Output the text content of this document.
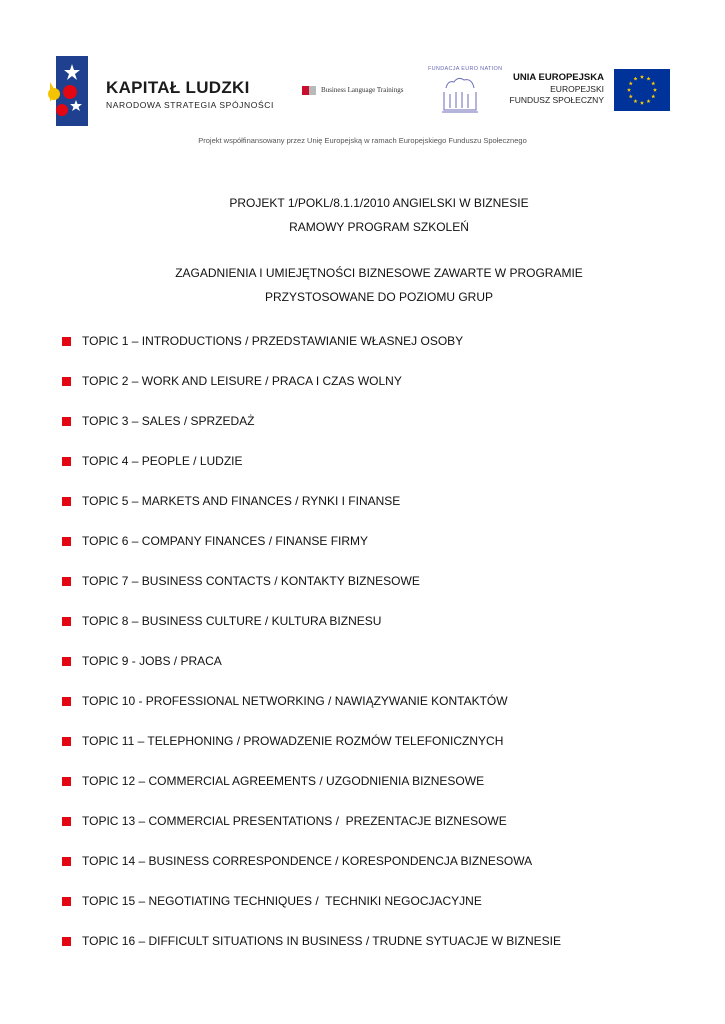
KAPITAŁ LUDZKI
NARODOWA STRATEGIA SPÓJNOŚCI
Business Language Trainings
FUNDACJA EURO NATION
UNIA EUROPEJSKA
EUROPEJSKI
FUNDUSZ SPOŁECZNY
Projekt współfinansowany przez Unię Europejską w ramach Europejskiego Funduszu Społecznego
PROJEKT 1/POKL/8.1.1/2010 ANGIELSKI W BIZNESIE
RAMOWY PROGRAM SZKOLEŃ
ZAGADNIENIA I UMIEJĘTNOŚCI BIZNESOWE ZAWARTE W PROGRAMIE
PRZYSTOSOWANE DO POZIOMU GRUP
TOPIC 1 – INTRODUCTIONS / PRZEDSTAWIANIE WŁASNEJ OSOBY
TOPIC 2 – WORK AND LEISURE / PRACA I CZAS WOLNY
TOPIC 3 – SALES / SPRZEDAŻ
TOPIC 4 – PEOPLE / LUDZIE
TOPIC 5 – MARKETS AND FINANCES / RYNKI I FINANSE
TOPIC 6 – COMPANY FINANCES / FINANSE FIRMY
TOPIC 7 – BUSINESS CONTACTS / KONTAKTY BIZNESOWE
TOPIC 8 – BUSINESS CULTURE / KULTURA BIZNESU
TOPIC 9 - JOBS / PRACA
TOPIC 10 - PROFESSIONAL NETWORKING / NAWIĄZYWANIE KONTAKTÓW
TOPIC 11 – TELEPHONING / PROWADZENIE ROZMÓW TELEFONICZNYCH
TOPIC 12 – COMMERCIAL AGREEMENTS / UZGODNIENIA BIZNESOWE
TOPIC 13 – COMMERCIAL PRESENTATIONS /  PREZENTACJE BIZNESOWE
TOPIC 14 – BUSINESS CORRESPONDENCE / KORESPONDENCJA BIZNESOWA
TOPIC 15 – NEGOTIATING TECHNIQUES /  TECHNIKI NEGOCJACYJNE
TOPIC 16 – DIFFICULT SITUATIONS IN BUSINESS / TRUDNE SYTUACJE W BIZNESIE
